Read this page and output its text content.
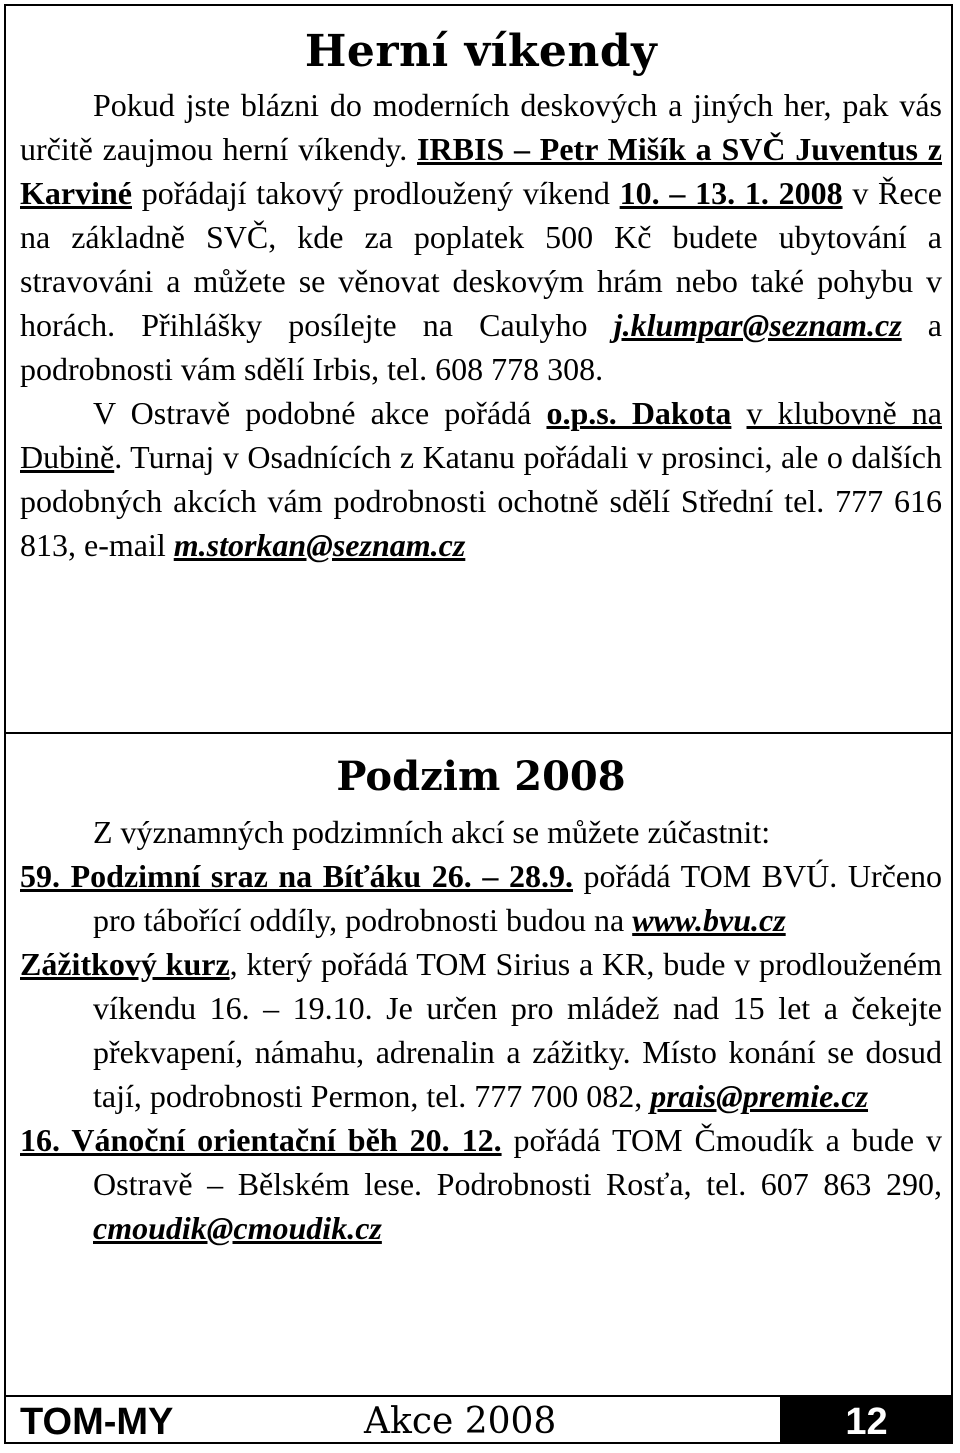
Herní víkendy

Pokud jste blázni do moderních deskových a jiných her, pak vás určitě zaujmou herní víkendy. IRBIS – Petr Mišík a SVČ Juventus z Karviné pořádají takový prodloužený víkend 10. – 13. 1. 2008 v Řece na základně SVČ, kde za poplatek 500 Kč budete ubytování a stravováni a můžete se věnovat deskovým hrám nebo také pohybu v horách. Přihlášky posílejte na Caulyho j.klumpar@seznam.cz a podrobnosti vám sdělí Irbis, tel. 608 778 308.

V Ostravě podobné akce pořádá o.p.s. Dakota v klubovně na Dubině. Turnaj v Osadnících z Katanu pořádali v prosinci, ale o dalších podobných akcích vám podrobnosti ochotně sdělí Střední tel. 777 616 813, e-mail m.storkan@seznam.cz

Podzim 2008

Z významných podzimních akcí se můžete zúčastnit:

59. Podzimní sraz na Bíťáku 26. – 28.9. pořádá TOM BVÚ. Určeno pro tábořící oddíly, podrobnosti budou na www.bvu.cz

Zážitkový kurz, který pořádá TOM Sirius a KR, bude v prodlouženém víkendu 16. – 19.10. Je určen pro mládež nad 15 let a čekejte překvapení, námahu, adrenalin a zážitky. Místo konání se dosud tají, podrobnosti Permon, tel. 777 700 082, prais@premie.cz

16. Vánoční orientační běh 20. 12. pořádá TOM Čmoudík a bude v Ostravě – Bělském lese. Podrobnosti Rosťa, tel. 607 863 290, cmoudik@cmoudik.cz

TOM-MY	Akce 2008	12
